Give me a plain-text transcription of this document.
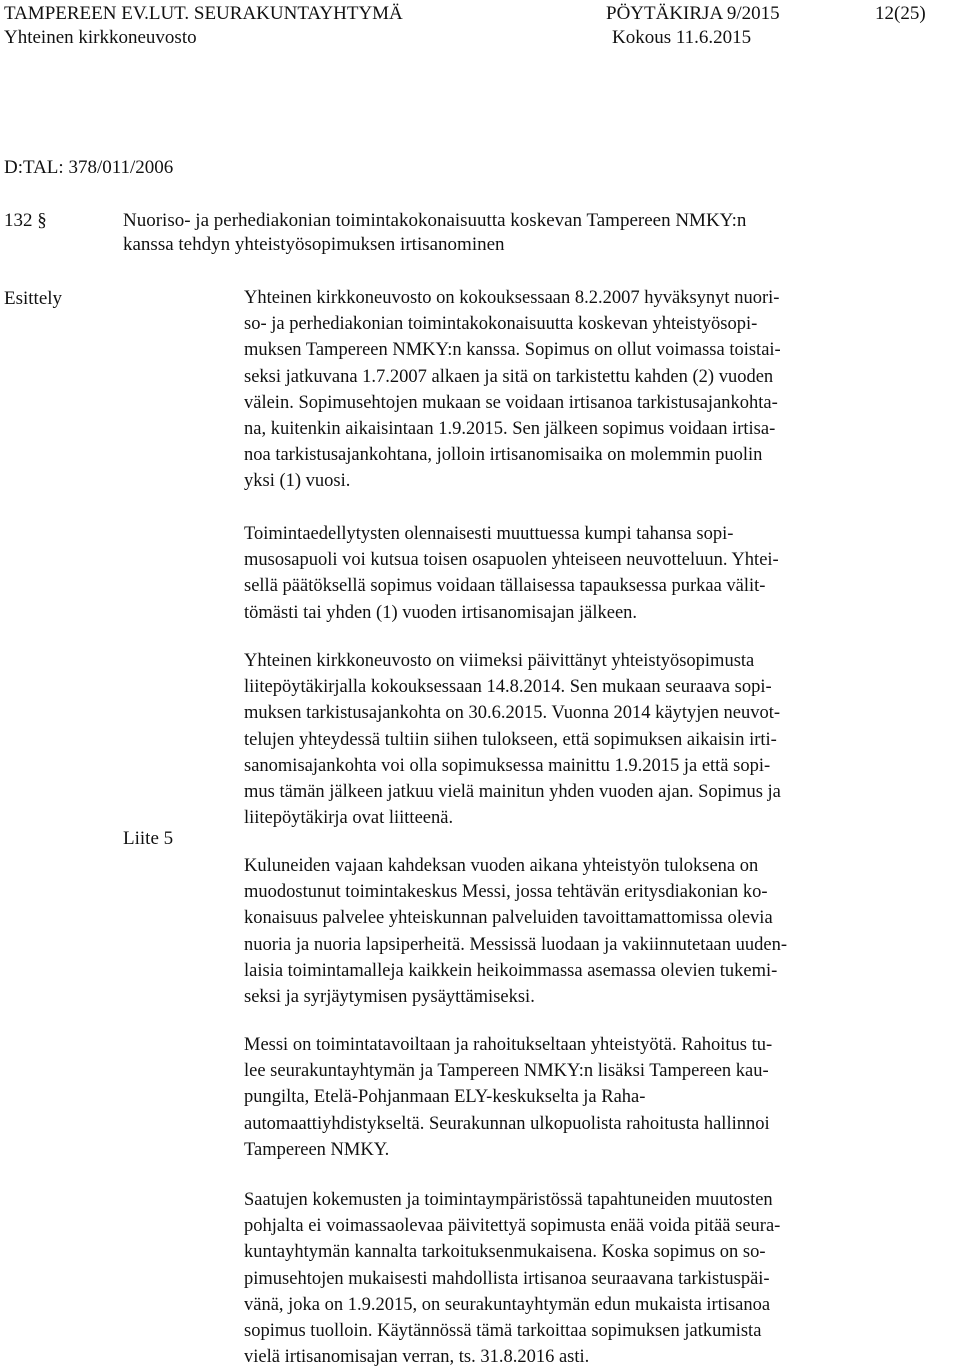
TAMPEREEN EV.LUT. SEURAKUNTAYHTYMÄ	PÖYTÄKIRJA 9/2015	12(25)
Yhteinen kirkkoneuvosto	Kokous 11.6.2015
D:TAL: 378/011/2006
132 §	Nuoriso- ja perhediakonian toimintakokonaisuutta koskevan Tampereen NMKY:n
kanssa tehdyn yhteistyösopimuksen irtisanominen
Esittely
Liite 5
Yhteinen kirkkoneuvosto on kokouksessaan 8.2.2007 hyväksynyt nuori-
so- ja perhediakonian toimintakokonaisuutta koskevan yhteistyösopi-
muksen Tampereen NMKY:n kanssa. Sopimus on ollut voimassa toistai-
seksi jatkuvana 1.7.2007 alkaen ja sitä on tarkistettu kahden (2) vuoden
välein. Sopimusehtojen mukaan se voidaan irtisanoa tarkistusajankohta-
na, kuitenkin aikaisintaan 1.9.2015. Sen jälkeen sopimus voidaan irtisa-
noa tarkistusajankohtana, jolloin irtisanomisaika on molemmin puolin
yksi (1) vuosi.
Toimintaedellytysten olennaisesti muuttuessa kumpi tahansa sopi-
musosapuoli voi kutsua toisen osapuolen yhteiseen neuvotteluun. Yhtei-
sellä päätöksellä sopimus voidaan tällaisessa tapauksessa purkaa välit-
tömästi tai yhden (1) vuoden irtisanomisajan jälkeen.
Yhteinen kirkkoneuvosto on viimeksi päivittänyt yhteistyösopimusta
liitepöytäkirjalla kokouksessaan 14.8.2014. Sen mukaan seuraava sopi-
muksen tarkistusajankohta on 30.6.2015. Vuonna 2014 käytyjen neuvot-
telujen yhteydessä tultiin siihen tulokseen, että sopimuksen aikaisin irti-
sanomisajankohta voi olla sopimuksessa mainittu 1.9.2015 ja että sopi-
mus tämän jälkeen jatkuu vielä mainitun yhden vuoden ajan. Sopimus ja
liitepöytäkirja ovat liitteenä.
Kuluneiden vajaan kahdeksan vuoden aikana yhteistyön tuloksena on
muodostunut toimintakeskus Messi, jossa tehtävän eritysdiakonian ko-
konaisuus palvelee yhteiskunnan palveluiden tavoittamattomissa olevia
nuoria ja nuoria lapsiperheitä. Messissä luodaan ja vakiinnutetaan uuden-
laisia toimintamalleja kaikkein heikoimmassa asemassa olevien tukemi-
seksi ja syrjäytymisen pysäyttämiseksi.
Messi on toimintatavoiltaan ja rahoitukseltaan yhteistyötä. Rahoitus tu-
lee seurakuntayhtymän ja Tampereen NMKY:n lisäksi Tampereen kau-
pungilta, Etelä-Pohjanmaan ELY-keskukselta ja Raha-
automaattiyhdistykseltä. Seurakunnan ulkopuolista rahoitusta hallinnoi
Tampereen NMKY.
Saatujen kokemusten ja toimintaympäristössä tapahtuneiden muutosten
pohjalta ei voimassaolevaa päivitettyä sopimusta enää voida pitää seura-
kuntayhtymän kannalta tarkoituksenmukaisena. Koska sopimus on so-
pimusehtojen mukaisesti mahdollista irtisanoa seuraavana tarkistuspäi-
vänä, joka on 1.9.2015, on seurakuntayhtymän edun mukaista irtisanoa
sopimus tuolloin. Käytännössä tämä tarkoittaa sopimuksen jatkumista
vielä irtisanomisajan verran, ts. 31.8.2016 asti.
